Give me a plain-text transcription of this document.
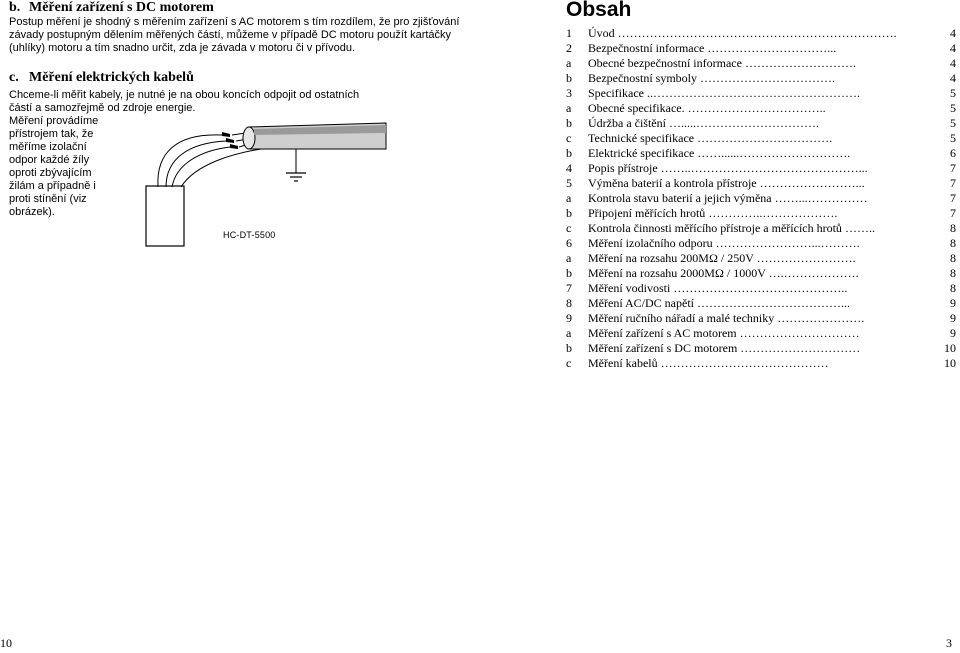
b. Měření zařízení s DC motorem

Postup měření je shodný s měřením zařízení s AC motorem s tím rozdílem, že pro zjišťování závady postupným dělením měřených částí, můžeme v případě DC motoru použít kartáčky (uhlíky) motoru a tím snadno určit, zda je závada v motoru či v přívodu.

c. Měření elektrických kabelů

Chceme-li měřit kabely, je nutné je na obou koncích odpojit od ostatních částí a samozřejmě od zdroje energie.

Měření provádíme

přístrojem tak, že

měříme izolační

odpor každé žíly

oproti zbývajícím

žilám a případně i

proti stínění (viz

obrázek).

HC-DT-5500
Obsah
1 Úvod …………………………………………………………….	4
2 Bezpečnostní informace …………………………...	4
a Obecné bezpečnostní informace ……………………….	4
b Bezpečnostní symboly …………………………….	4
3 Specifikace ..…………………………………………….	5
a Obecné specifikace. ……………………………..	5
b Údržba a čištění ….....………………………….	5
c Technické specifikace …………………………….	5
b Elektrické specifikace ……......……………………….	6
4 Popis přístroje ……..……………………………………...	7
5 Výměna baterií a kontrola přístroje ……………………...	7
a Kontrola stavu baterií a jejich výměna ……...……………	7
b Připojení měřících hrotů …………..……………….	7
c Kontrola činnosti měřícího přístroje a měřících hrotů ……..	8
6 Měření izolačního odporu ……………………...……….	8
a Měření na rozsahu 200MΩ / 250V …………………….	8
b Měření na rozsahu 2000MΩ / 1000V ….……………….	8
7 Měření vodivosti ……………………………………..	8
8 Měření AC/DC napětí ………………………………...	9
9 Měření ručního nářadí a malé techniky ………………….	9
a Měření zařízení s AC motorem …………………………	9
b Měření zařízení s DC motorem …………………………	10
c Měření kabelů ……………………………………	10
10	3
